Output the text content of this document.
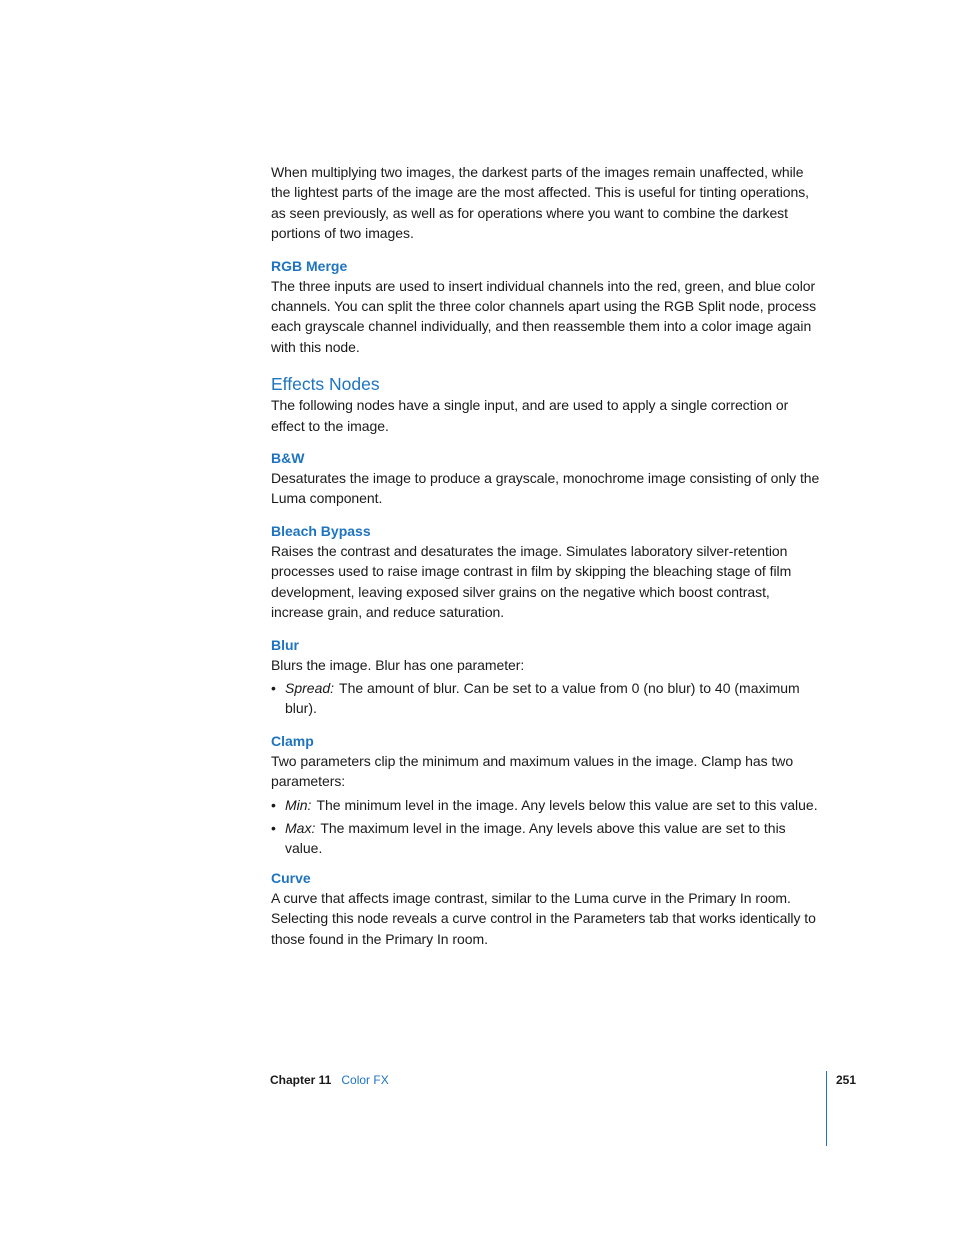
When multiplying two images, the darkest parts of the images remain unaffected, while the lightest parts of the image are the most affected. This is useful for tinting operations, as seen previously, as well as for operations where you want to combine the darkest portions of two images.

RGB Merge

The three inputs are used to insert individual channels into the red, green, and blue color channels. You can split the three color channels apart using the RGB Split node, process each grayscale channel individually, and then reassemble them into a color image again with this node.

Effects Nodes

The following nodes have a single input, and are used to apply a single correction or effect to the image.

B&W

Desaturates the image to produce a grayscale, monochrome image consisting of only the Luma component.

Bleach Bypass

Raises the contrast and desaturates the image. Simulates laboratory silver-retention processes used to raise image contrast in film by skipping the bleaching stage of film development, leaving exposed silver grains on the negative which boost contrast, increase grain, and reduce saturation.

Blur

Blurs the image. Blur has one parameter:

• Spread: The amount of blur. Can be set to a value from 0 (no blur) to 40 (maximum blur).
Clamp

Two parameters clip the minimum and maximum values in the image. Clamp has two parameters:

• Min: The minimum level in the image. Any levels below this value are set to this value.
• Max: The maximum level in the image. Any levels above this value are set to this value.
Curve

A curve that affects image contrast, similar to the Luma curve in the Primary In room. Selecting this node reveals a curve control in the Parameters tab that works identically to those found in the Primary In room.

Chapter 11 Color FX	251
